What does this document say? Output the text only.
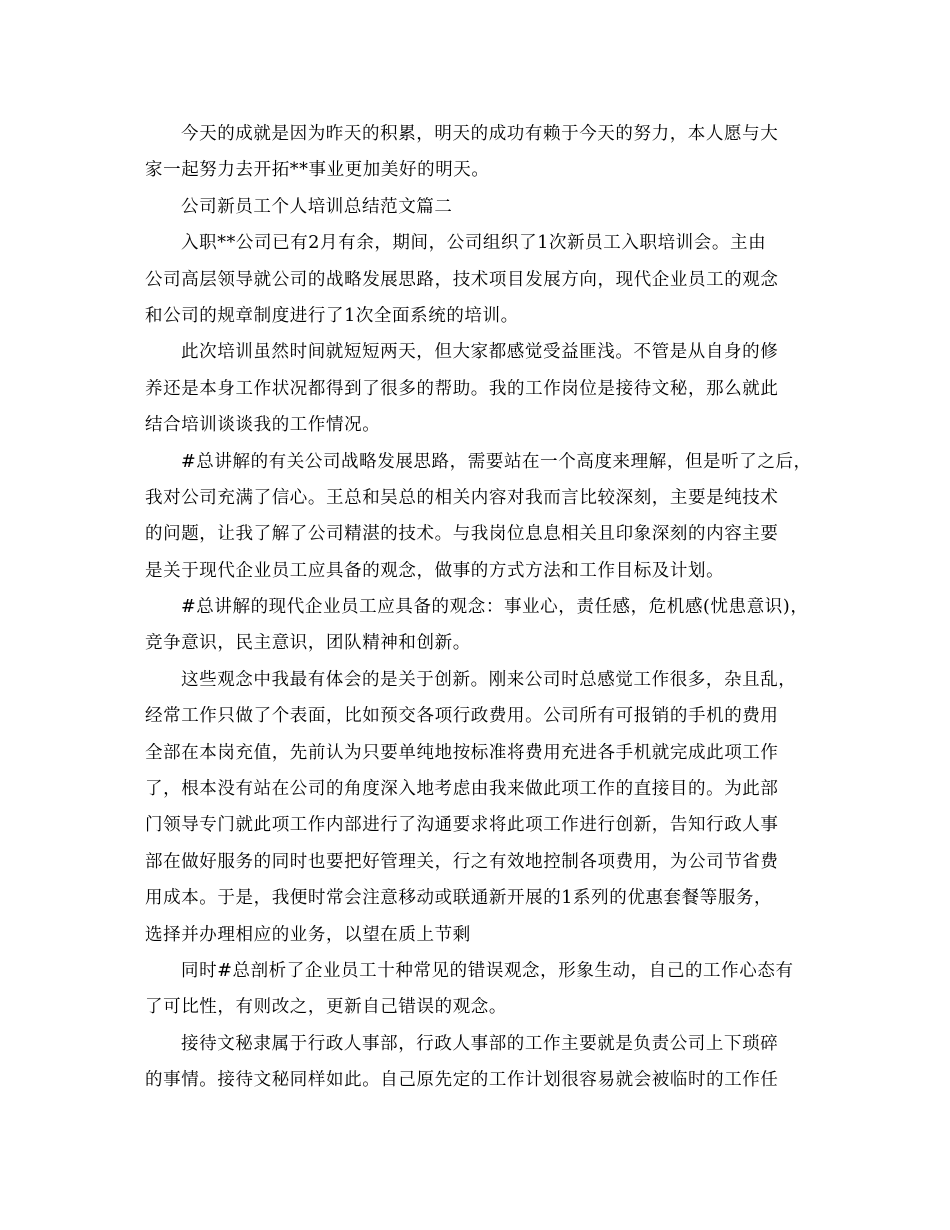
今天的成就是因为昨天的积累，明天的成功有赖于今天的努力，本人愿与大
家一起努力去开拓**事业更加美好的明天。
公司新员工个人培训总结范文篇二
入职**公司已有2月有余，期间，公司组织了1次新员工入职培训会。主由
公司高层领导就公司的战略发展思路，技术项目发展方向，现代企业员工的观念
和公司的规章制度进行了1次全面系统的培训。
此次培训虽然时间就短短两天，但大家都感觉受益匪浅。不管是从自身的修
养还是本身工作状况都得到了很多的帮助。我的工作岗位是接待文秘，那么就此
结合培训谈谈我的工作情况。
#总讲解的有关公司战略发展思路，需要站在一个高度来理解，但是听了之后，
我对公司充满了信心。王总和吴总的相关内容对我而言比较深刻，主要是纯技术
的问题，让我了解了公司精湛的技术。与我岗位息息相关且印象深刻的内容主要
是关于现代企业员工应具备的观念，做事的方式方法和工作目标及计划。
#总讲解的现代企业员工应具备的观念：事业心，责任感，危机感(忧患意识)，
竞争意识，民主意识，团队精神和创新。
这些观念中我最有体会的是关于创新。刚来公司时总感觉工作很多，杂且乱，
经常工作只做了个表面，比如预交各项行政费用。公司所有可报销的手机的费用
全部在本岗充值，先前认为只要单纯地按标准将费用充进各手机就完成此项工作
了，根本没有站在公司的角度深入地考虑由我来做此项工作的直接目的。为此部
门领导专门就此项工作内部进行了沟通要求将此项工作进行创新，告知行政人事
部在做好服务的同时也要把好管理关，行之有效地控制各项费用，为公司节省费
用成本。于是，我便时常会注意移动或联通新开展的1系列的优惠套餐等服务，
选择并办理相应的业务，以望在质上节剩
同时#总剖析了企业员工十种常见的错误观念，形象生动，自己的工作心态有
了可比性，有则改之，更新自己错误的观念。
接待文秘隶属于行政人事部，行政人事部的工作主要就是负责公司上下琐碎
的事情。接待文秘同样如此。自己原先定的工作计划很容易就会被临时的工作任
